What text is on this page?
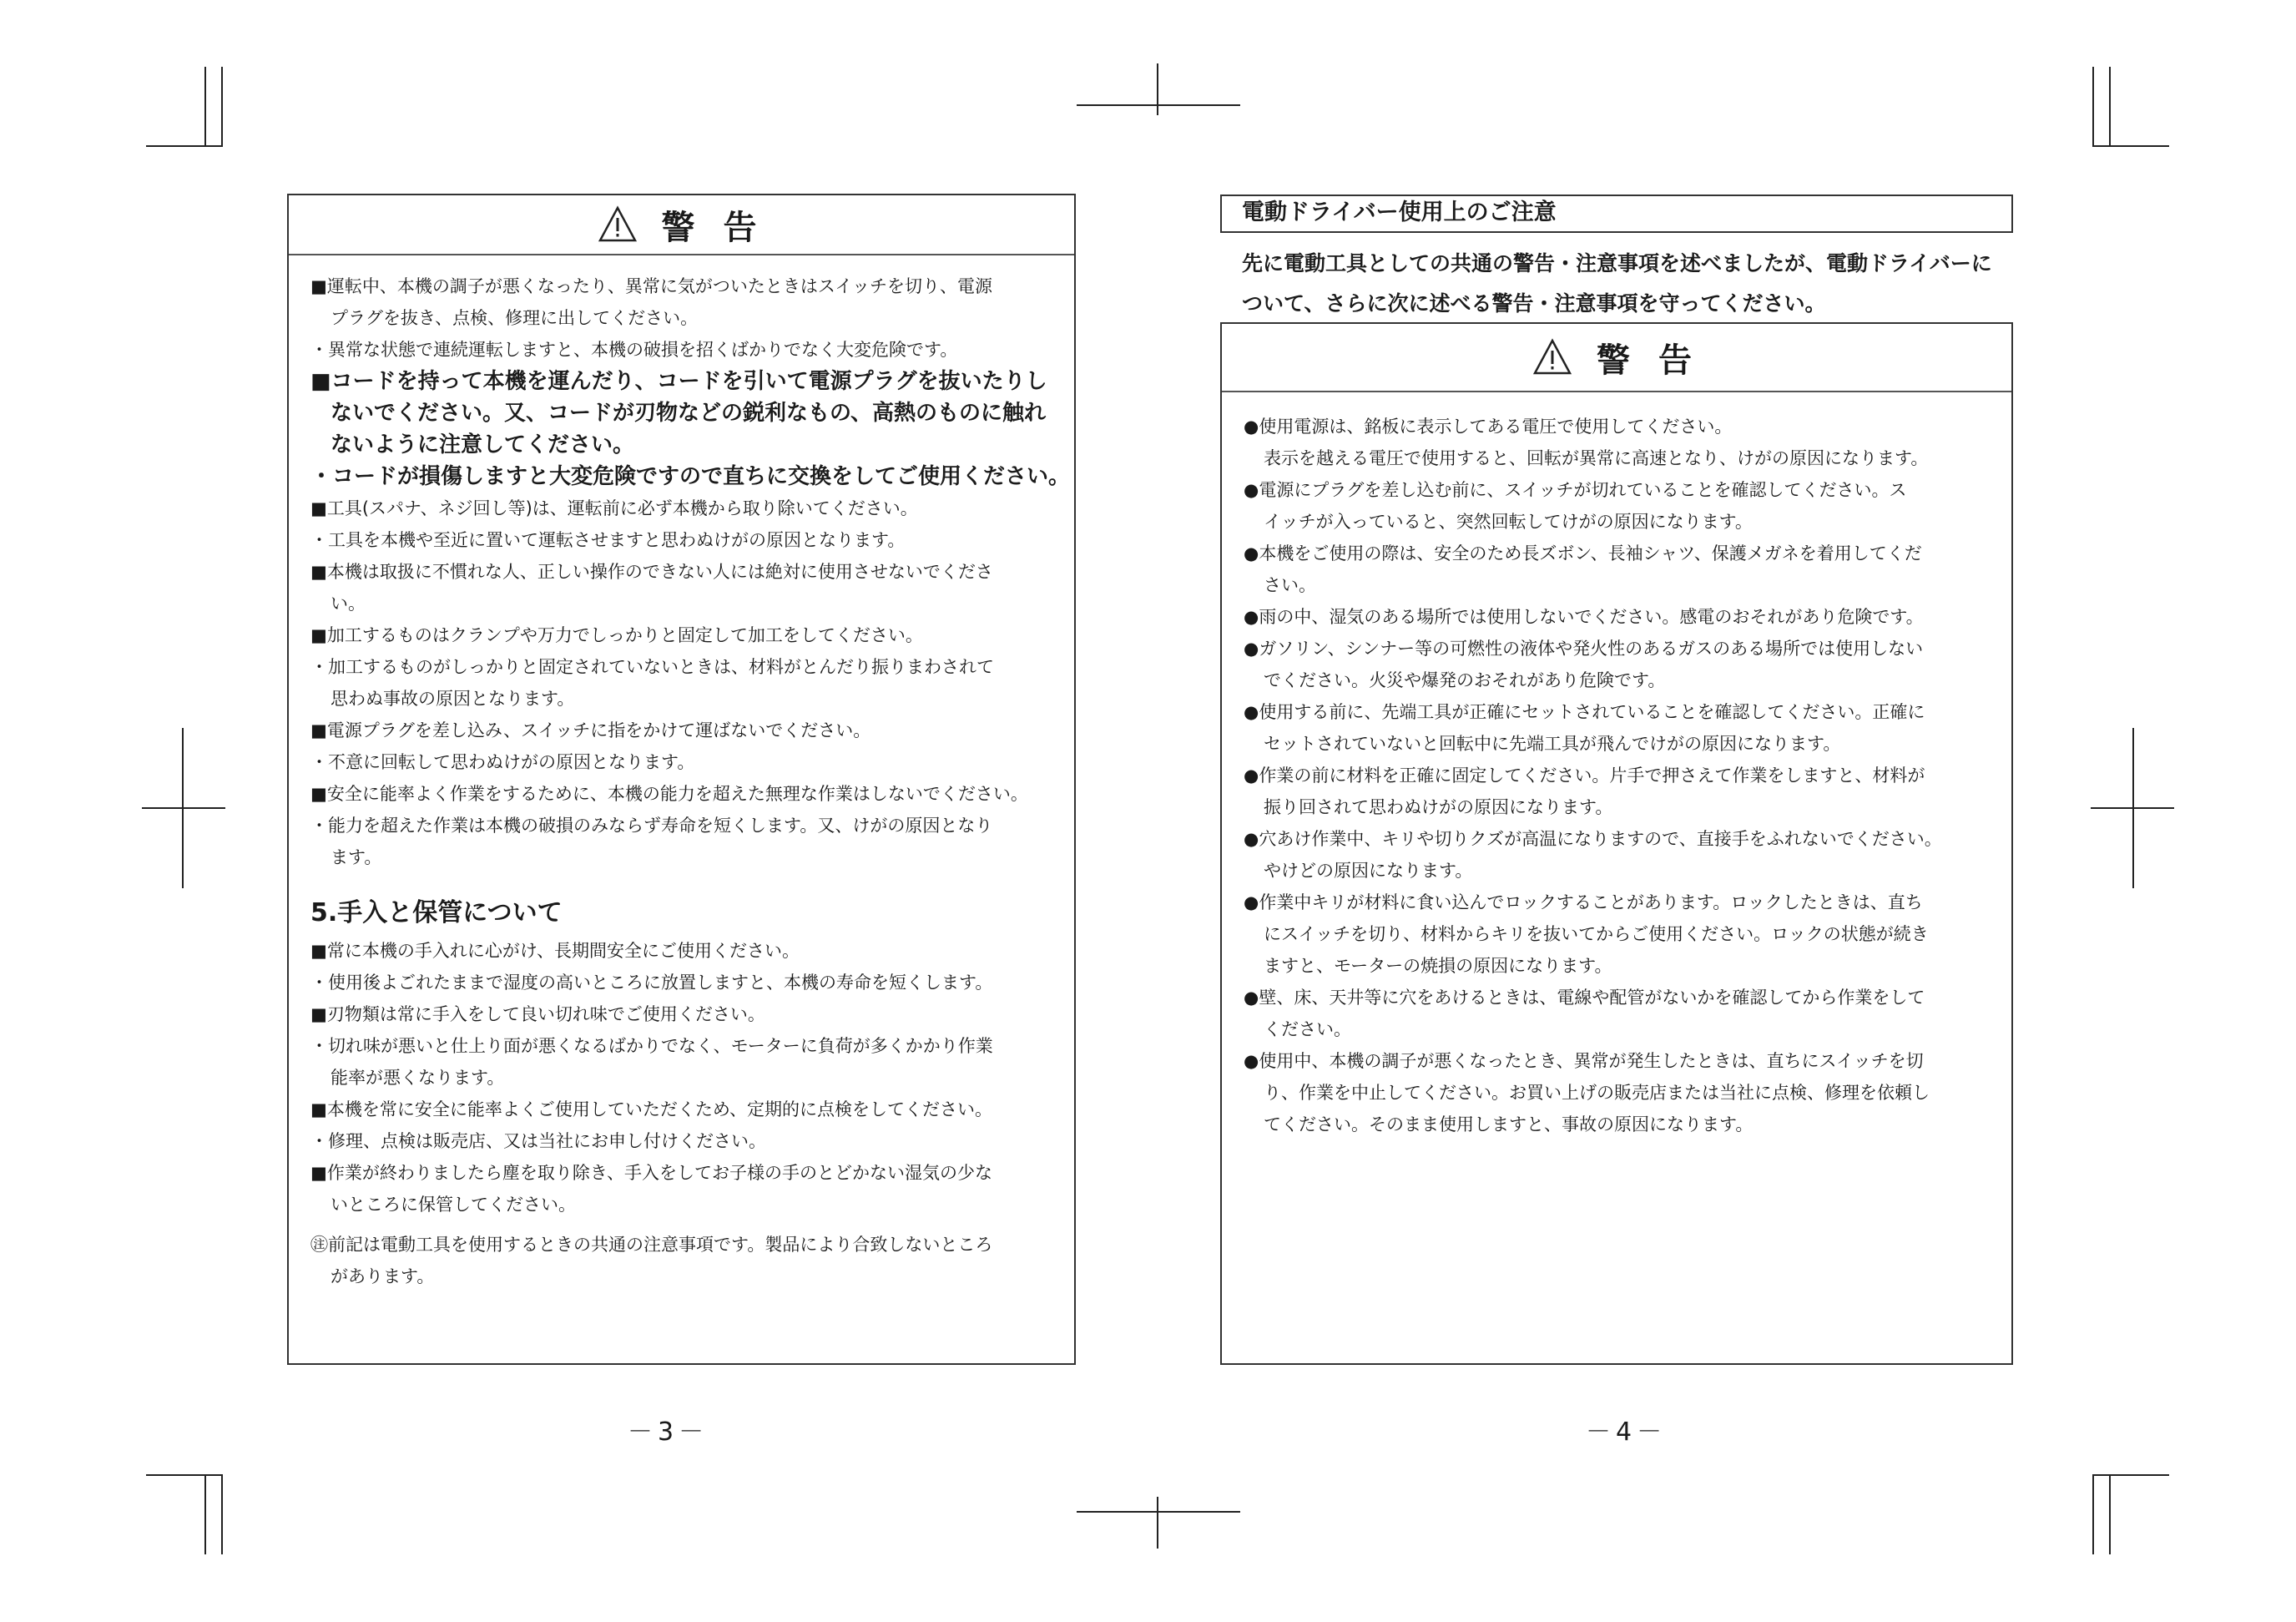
警 告
■運転中、本機の調子が悪くなったり、異常に気がついたときはスイッチを切り、電源
プラグを抜き、点検、修理に出してください。
・異常な状態で連続運転しますと、本機の破損を招くばかりでなく大変危険です。
■コードを持って本機を運んだり、コードを引いて電源プラグを抜いたりし
ないでください。又、コードが刃物などの鋭利なもの、高熱のものに触れ
ないように注意してください。
・コードが損傷しますと大変危険ですので直ちに交換をしてご使用ください。
■工具(スパナ、ネジ回し等)は、運転前に必ず本機から取り除いてください。
・工具を本機や至近に置いて運転させますと思わぬけがの原因となります。
■本機は取扱に不慣れな人、正しい操作のできない人には絶対に使用させないでくださ
い。
■加工するものはクランプや万力でしっかりと固定して加工をしてください。
・加工するものがしっかりと固定されていないときは、材料がとんだり振りまわされて
思わぬ事故の原因となります。
■電源プラグを差し込み、スイッチに指をかけて運ばないでください。
・不意に回転して思わぬけがの原因となります。
■安全に能率よく作業をするために、本機の能力を超えた無理な作業はしないでください。
・能力を超えた作業は本機の破損のみならず寿命を短くします。又、けがの原因となり
ます。
5.手入と保管について
■常に本機の手入れに心がけ、長期間安全にご使用ください。
・使用後よごれたままで湿度の高いところに放置しますと、本機の寿命を短くします。
■刃物類は常に手入をして良い切れ味でご使用ください。
・切れ味が悪いと仕上り面が悪くなるばかりでなく、モーターに負荷が多くかかり作業
能率が悪くなります。
■本機を常に安全に能率よくご使用していただくため、定期的に点検をしてください。
・修理、点検は販売店、又は当社にお申し付けください。
■作業が終わりましたら塵を取り除き、手入をしてお子様の手のとどかない湿気の少な
いところに保管してください。
㊟前記は電動工具を使用するときの共通の注意事項です。製品により合致しないところ
があります。
－3－
電動ドライバー使用上のご注意
先に電動工具としての共通の警告・注意事項を述べましたが、電動ドライバーに
ついて、さらに次に述べる警告・注意事項を守ってください。
警 告
●使用電源は、銘板に表示してある電圧で使用してください。
表示を越える電圧で使用すると、回転が異常に高速となり、けがの原因になります。
●電源にプラグを差し込む前に、スイッチが切れていることを確認してください。ス
イッチが入っていると、突然回転してけがの原因になります。
●本機をご使用の際は、安全のため長ズボン、長袖シャツ、保護メガネを着用してくだ
さい。
●雨の中、湿気のある場所では使用しないでください。感電のおそれがあり危険です。
●ガソリン、シンナー等の可燃性の液体や発火性のあるガスのある場所では使用しない
でください。火災や爆発のおそれがあり危険です。
●使用する前に、先端工具が正確にセットされていることを確認してください。正確に
セットされていないと回転中に先端工具が飛んでけがの原因になります。
●作業の前に材料を正確に固定してください。片手で押さえて作業をしますと、材料が
振り回されて思わぬけがの原因になります。
●穴あけ作業中、キリや切りクズが高温になりますので、直接手をふれないでください。
やけどの原因になります。
●作業中キリが材料に食い込んでロックすることがあります。ロックしたときは、直ち
にスイッチを切り、材料からキリを抜いてからご使用ください。ロックの状態が続き
ますと、モーターの焼損の原因になります。
●壁、床、天井等に穴をあけるときは、電線や配管がないかを確認してから作業をして
ください。
●使用中、本機の調子が悪くなったとき、異常が発生したときは、直ちにスイッチを切
り、作業を中止してください。お買い上げの販売店または当社に点検、修理を依頼し
てください。そのまま使用しますと、事故の原因になります。
－4－
